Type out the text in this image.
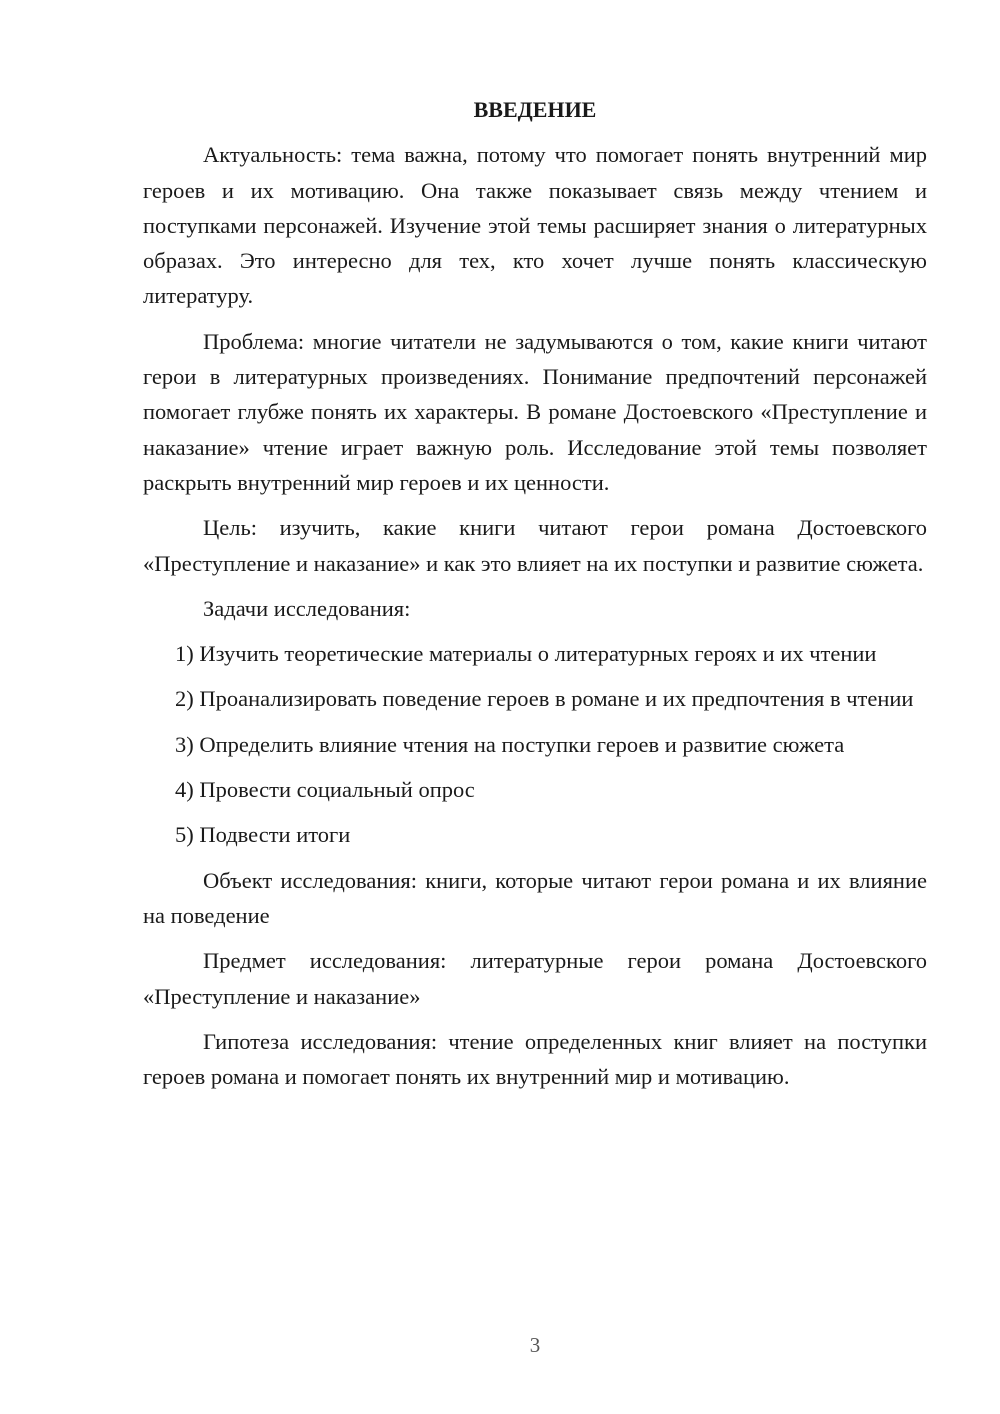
ВВЕДЕНИЕ

Актуальность: тема важна, потому что помогает понять внутренний мир героев и их мотивацию. Она также показывает связь между чтением и поступками персонажей. Изучение этой темы расширяет знания о литературных образах. Это интересно для тех, кто хочет лучше понять классическую литературу.

Проблема: многие читатели не задумываются о том, какие книги читают герои в литературных произведениях. Понимание предпочтений персонажей помогает глубже понять их характеры. В романе Достоевского «Преступление и наказание» чтение играет важную роль. Исследование этой темы позволяет раскрыть внутренний мир героев и их ценности.

Цель: изучить, какие книги читают герои романа Достоевского «Преступление и наказание» и как это влияет на их поступки и развитие сюжета.

Задачи исследования:

1) Изучить теоретические материалы о литературных героях и их чтении

2) Проанализировать поведение героев в романе и их предпочтения в чтении

3) Определить влияние чтения на поступки героев и развитие сюжета

4) Провести социальный опрос

5) Подвести итоги

Объект исследования: книги, которые читают герои романа и их влияние на поведение

Предмет исследования: литературные герои романа Достоевского «Преступление и наказание»

Гипотеза исследования: чтение определенных книг влияет на поступки героев романа и помогает понять их внутренний мир и мотивацию.

3
